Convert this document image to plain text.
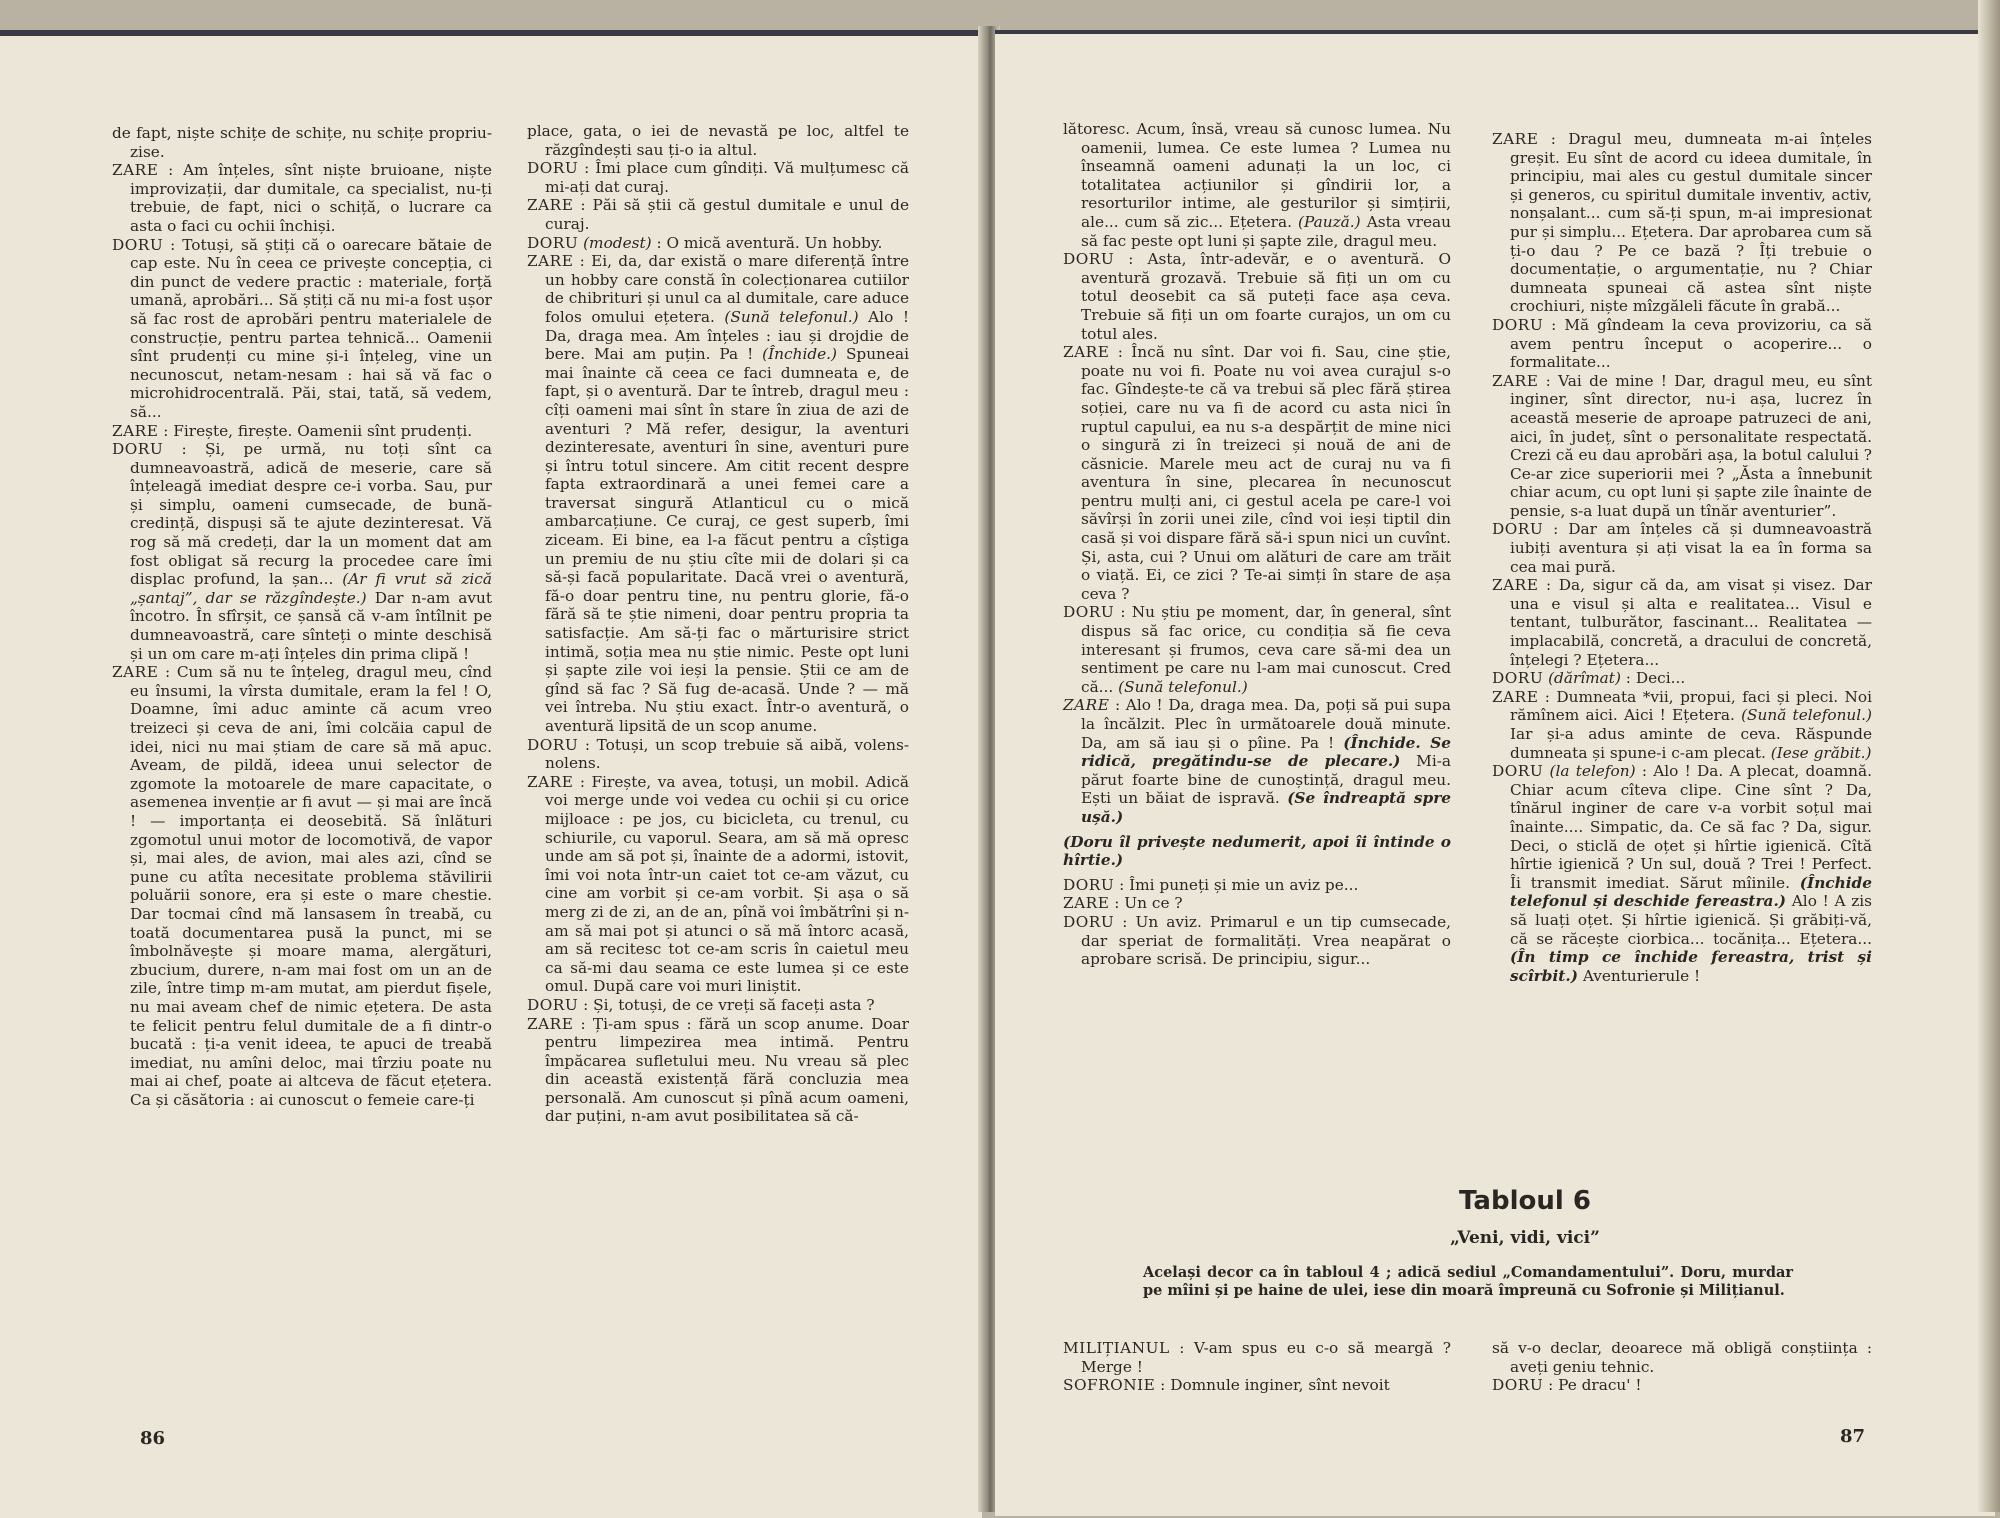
de fapt, niște schițe de schițe, nu schițe propriu-zise.

ZARE : Am înțeles, sînt niște bruioane, niște improvizații, dar dumitale, ca specialist, nu-ți trebuie, de fapt, nici o schiță, o lucrare ca asta o faci cu ochii închiși.

DORU : Totuși, să știți că o oarecare bătaie de cap este. Nu în ceea ce privește concepția, ci din punct de vedere practic : materiale, forță umană, aprobări... Să știți că nu mi-a fost ușor să fac rost de aprobări pentru materialele de construcție, pentru partea tehnică... Oamenii sînt prudenți cu mine și-i înțeleg, vine un necunoscut, netam-nesam : hai să vă fac o microhidrocentrală. Păi, stai, tată, să vedem, să...

ZARE : Firește, firește. Oamenii sînt prudenți.

DORU : Și, pe urmă, nu toți sînt ca dumneavoastră, adică de meserie, care să înțeleagă imediat despre ce-i vorba. Sau, pur și simplu, oameni cumsecade, de bună-credință, dispuși să te ajute dezinteresat. Vă rog să mă credeți, dar la un moment dat am fost obligat să recurg la procedee care îmi displac profund, la șan... (Ar fi vrut să zică „șantaj”, dar se răzgîndește.) Dar n-am avut încotro. În sfîrșit, ce șansă că v-am întîlnit pe dumneavoastră, care sînteți o minte deschisă și un om care m-ați înțeles din prima clipă !

ZARE : Cum să nu te înțeleg, dragul meu, cînd eu însumi, la vîrsta dumitale, eram la fel ! O, Doamne, îmi aduc aminte că acum vreo treizeci și ceva de ani, îmi colcăia capul de idei, nici nu mai știam de care să mă apuc. Aveam, de pildă, ideea unui selector de zgomote la motoarele de mare capacitate, o asemenea invenție ar fi avut — și mai are încă ! — importanța ei deosebită. Să înlături zgomotul unui motor de locomotivă, de vapor și, mai ales, de avion, mai ales azi, cînd se pune cu atîta necesitate problema stăvilirii poluării sonore, era și este o mare chestie. Dar tocmai cînd mă lansasem în treabă, cu toată documentarea pusă la punct, mi se îmbolnăvește și moare mama, alergături, zbucium, durere, n-am mai fost om un an de zile, între timp m-am mutat, am pierdut fișele, nu mai aveam chef de nimic ețetera. De asta te felicit pentru felul dumitale de a fi dintr-o bucată : ți-a venit ideea, te apuci de treabă imediat, nu amîni deloc, mai tîrziu poate nu mai ai chef, poate ai altceva de făcut ețetera. Ca și căsătoria : ai cunoscut o femeie care-ți

place, gata, o iei de nevastă pe loc, altfel te răzgîndești sau ți-o ia altul.

DORU : Îmi place cum gîndiți. Vă mulțumesc că mi-ați dat curaj.

ZARE : Păi să știi că gestul dumitale e unul de curaj.

DORU (modest) : O mică aventură. Un hobby.

ZARE : Ei, da, dar există o mare diferență între un hobby care constă în colecționarea cutiilor de chibrituri și unul ca al dumitale, care aduce folos omului ețetera. (Sună telefonul.) Alo ! Da, draga mea. Am înțeles : iau și drojdie de bere. Mai am puțin. Pa ! (Închide.) Spuneai mai înainte că ceea ce faci dumneata e, de fapt, și o aventură. Dar te întreb, dragul meu : cîți oameni mai sînt în stare în ziua de azi de aventuri ? Mă refer, desigur, la aventuri dezinteresate, aventuri în sine, aventuri pure și întru totul sincere. Am citit recent despre fapta extraordinară a unei femei care a traversat singură Atlanticul cu o mică ambarcațiune. Ce curaj, ce gest superb, îmi ziceam. Ei bine, ea l-a făcut pentru a cîștiga un premiu de nu știu cîte mii de dolari și ca să-și facă popularitate. Dacă vrei o aventură, fă-o doar pentru tine, nu pentru glorie, fă-o fără să te știe nimeni, doar pentru propria ta satisfacție. Am să-ți fac o mărturisire strict intimă, soția mea nu știe nimic. Peste opt luni și șapte zile voi ieși la pensie. Știi ce am de gînd să fac ? Să fug de-acasă. Unde ? — mă vei întreba. Nu știu exact. Într-o aventură, o aventură lipsită de un scop anume.

DORU : Totuși, un scop trebuie să aibă, volens-nolens.

ZARE : Firește, va avea, totuși, un mobil. Adică voi merge unde voi vedea cu ochii și cu orice mijloace : pe jos, cu bicicleta, cu trenul, cu schiurile, cu vaporul. Seara, am să mă opresc unde am să pot și, înainte de a adormi, istovit, îmi voi nota într-un caiet tot ce-am văzut, cu cine am vorbit și ce-am vorbit. Și așa o să merg zi de zi, an de an, pînă voi îmbătrîni și n-am să mai pot și atunci o să mă întorc acasă, am să recitesc tot ce-am scris în caietul meu ca să-mi dau seama ce este lumea și ce este omul. După care voi muri liniștit.

DORU : Și, totuși, de ce vreți să faceți asta ?

ZARE : Ți-am spus : fără un scop anume. Doar pentru limpezirea mea intimă. Pentru împăcarea sufletului meu. Nu vreau să plec din această existență fără concluzia mea personală. Am cunoscut și pînă acum oameni, dar puțini, n-am avut posibilitatea să că-

86

lătoresc. Acum, însă, vreau să cunosc lumea. Nu oamenii, lumea. Ce este lumea ? Lumea nu înseamnă oameni adunați la un loc, ci totalitatea acțiunilor și gîndirii lor, a resorturilor intime, ale gesturilor și simțirii, ale... cum să zic... Ețetera. (Pauză.) Asta vreau să fac peste opt luni și șapte zile, dragul meu.

DORU : Asta, într-adevăr, e o aventură. O aventură grozavă. Trebuie să fiți un om cu totul deosebit ca să puteți face așa ceva. Trebuie să fiți un om foarte curajos, un om cu totul ales.

ZARE : Încă nu sînt. Dar voi fi. Sau, cine știe, poate nu voi fi. Poate nu voi avea curajul s-o fac. Gîndește-te că va trebui să plec fără știrea soției, care nu va fi de acord cu asta nici în ruptul capului, ea nu s-a despărțit de mine nici o singură zi în treizeci și nouă de ani de căsnicie. Marele meu act de curaj nu va fi aventura în sine, plecarea în necunoscut pentru mulți ani, ci gestul acela pe care-l voi săvîrși în zorii unei zile, cînd voi ieși tiptil din casă și voi dispare fără să-i spun nici un cuvînt. Și, asta, cui ? Unui om alături de care am trăit o viață. Ei, ce zici ? Te-ai simți în stare de așa ceva ?

DORU : Nu știu pe moment, dar, în general, sînt dispus să fac orice, cu condiția să fie ceva interesant și frumos, ceva care să-mi dea un sentiment pe care nu l-am mai cunoscut. Cred că... (Sună telefonul.)

ZARE : Alo ! Da, draga mea. Da, poți să pui supa la încălzit. Plec în următoarele două minute. Da, am să iau și o pîine. Pa ! (Închide. Se ridică, pregătindu-se de plecare.) Mi-a părut foarte bine de cunoștință, dragul meu. Ești un băiat de ispravă. (Se îndreaptă spre ușă.)

(Doru îl privește nedumerit, apoi îi întinde o hîrtie.)

DORU : Îmi puneți și mie un aviz pe...

ZARE : Un ce ?

DORU : Un aviz. Primarul e un tip cumsecade, dar speriat de formalități. Vrea neapărat o aprobare scrisă. De principiu, sigur...

ZARE : Dragul meu, dumneata m-ai înțeles greșit. Eu sînt de acord cu ideea dumitale, în principiu, mai ales cu gestul dumitale sincer și generos, cu spiritul dumitale inventiv, activ, nonșalant... cum să-ți spun, m-ai impresionat pur și simplu... Ețetera. Dar aprobarea cum să ți-o dau ? Pe ce bază ? Îți trebuie o documentație, o argumentație, nu ? Chiar dumneata spuneai că astea sînt niște crochiuri, niște mîzgăleli făcute în grabă...

DORU : Mă gîndeam la ceva provizoriu, ca să avem pentru început o acoperire... o formalitate...

ZARE : Vai de mine ! Dar, dragul meu, eu sînt inginer, sînt director, nu-i așa, lucrez în această meserie de aproape patruzeci de ani, aici, în județ, sînt o personalitate respectată. Crezi că eu dau aprobări așa, la botul calului ? Ce-ar zice superiorii mei ? „Ăsta a înnebunit chiar acum, cu opt luni și șapte zile înainte de pensie, s-a luat după un tînăr aventurier”.

DORU : Dar am înțeles că și dumneavoastră iubiți aventura și ați visat la ea în forma sa cea mai pură.

ZARE : Da, sigur că da, am visat și visez. Dar una e visul și alta e realitatea... Visul e tentant, tulburător, fascinant... Realitatea — implacabilă, concretă, a dracului de concretă, înțelegi ? Ețetera...

DORU (dărîmat) : Deci...

ZARE : Dumneata *vii, propui, faci și pleci. Noi rămînem aici. Aici ! Ețetera. (Sună telefonul.) Iar și-a adus aminte de ceva. Răspunde dumneata și spune-i c-am plecat. (Iese grăbit.)

DORU (la telefon) : Alo ! Da. A plecat, doamnă. Chiar acum cîteva clipe. Cine sînt ? Da, tînărul inginer de care v-a vorbit soțul mai înainte.... Simpatic, da. Ce să fac ? Da, sigur. Deci, o sticlă de oțet și hîrtie igienică. Cîtă hîrtie igienică ? Un sul, două ? Trei ! Perfect. Îi transmit imediat. Sărut mîinile. (Închide telefonul și deschide fereastra.) Alo ! A zis să luați oțet. Și hîrtie igienică. Și grăbiți-vă, că se răcește ciorbica... tocănița... Ețetera... (În timp ce închide fereastra, trist și scîrbit.) Aventurierule !

Tabloul 6

„Veni, vidi, vici”

Același decor ca în tabloul 4 ; adică sediul „Comandamentului”. Doru, murdar pe mîini și pe haine de ulei, iese din moară împreună cu Sofronie și Milițianul.

MILIȚIANUL : V-am spus eu c-o să meargă ? Merge !

SOFRONIE : Domnule inginer, sînt nevoit

să v-o declar, deoarece mă obligă conștiința : aveți geniu tehnic.

DORU : Pe dracu' !

87
